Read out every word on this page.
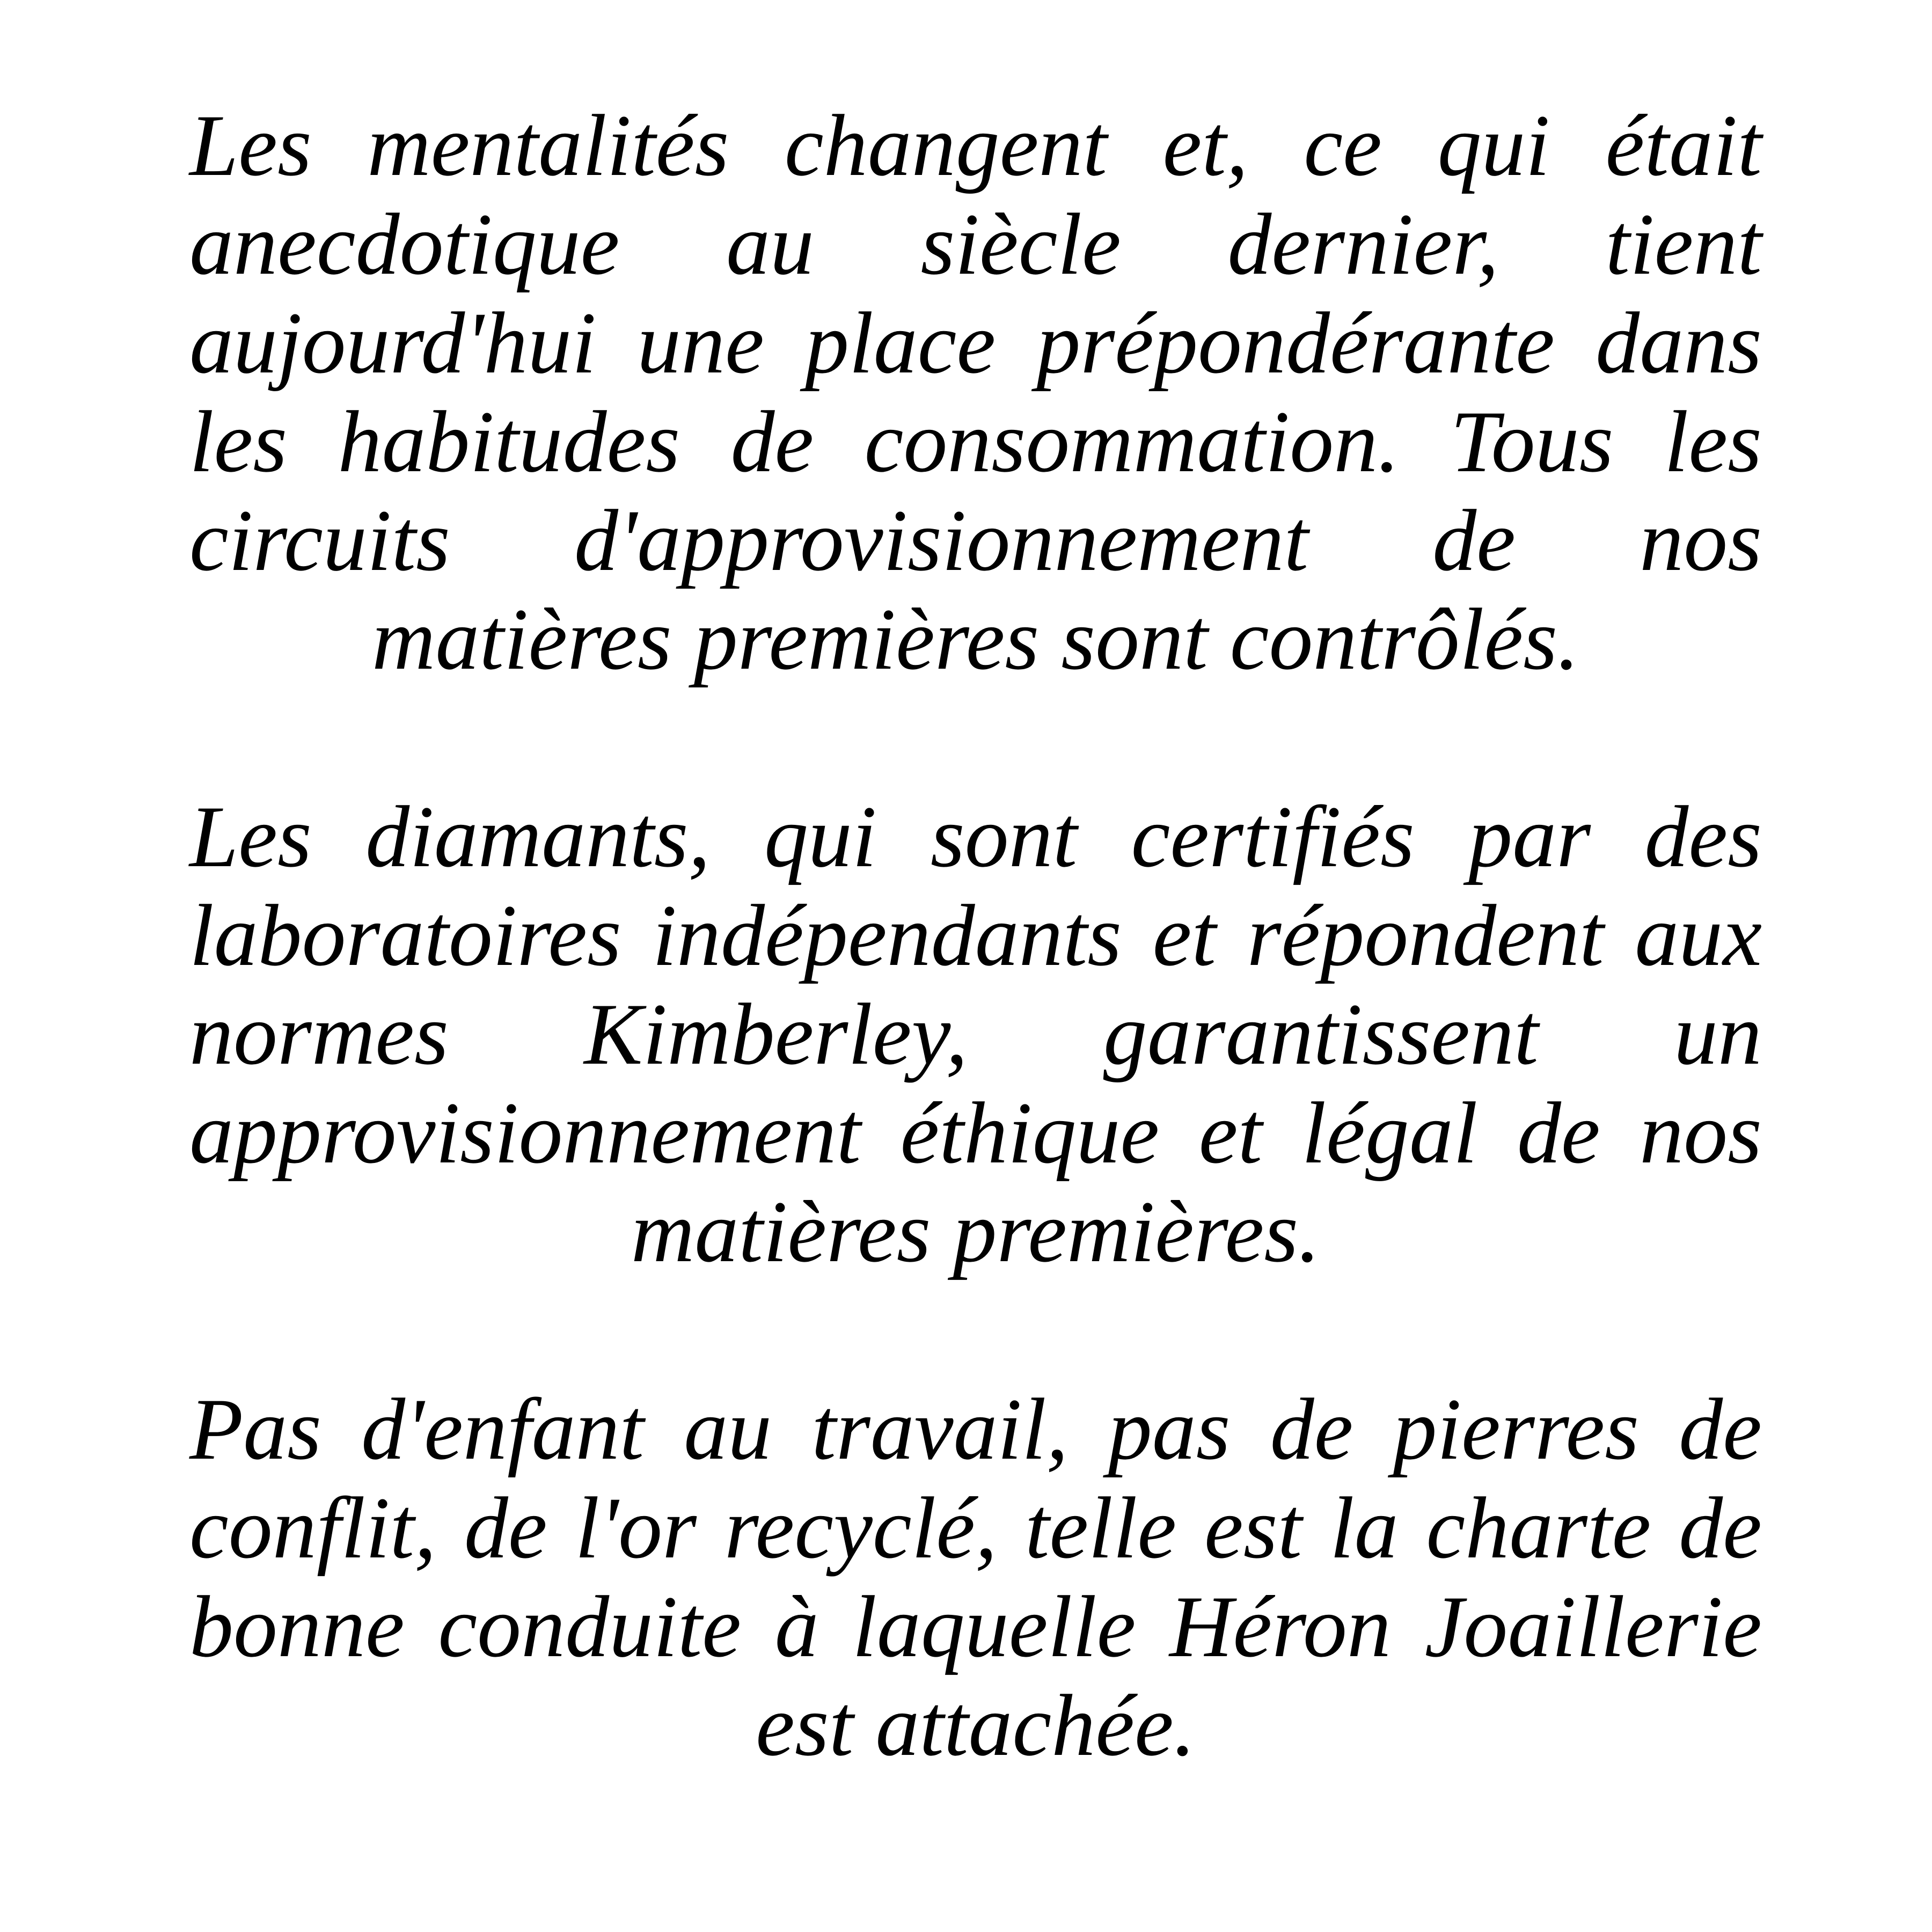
Les mentalités changent et, ce qui était anecdotique au siècle dernier, tient aujourd'hui une place prépondérante dans les habitudes de consommation. Tous les circuits d'approvisionnement de nos matières premières sont contrôlés.

Les diamants, qui sont certifiés par des laboratoires indépendants et répondent aux normes Kimberley, garantissent un approvisionnement éthique et légal de nos matières premières.

Pas d'enfant au travail, pas de pierres de conflit, de l'or recyclé, telle est la charte de bonne conduite à laquelle Héron Joaillerie est attachée.
